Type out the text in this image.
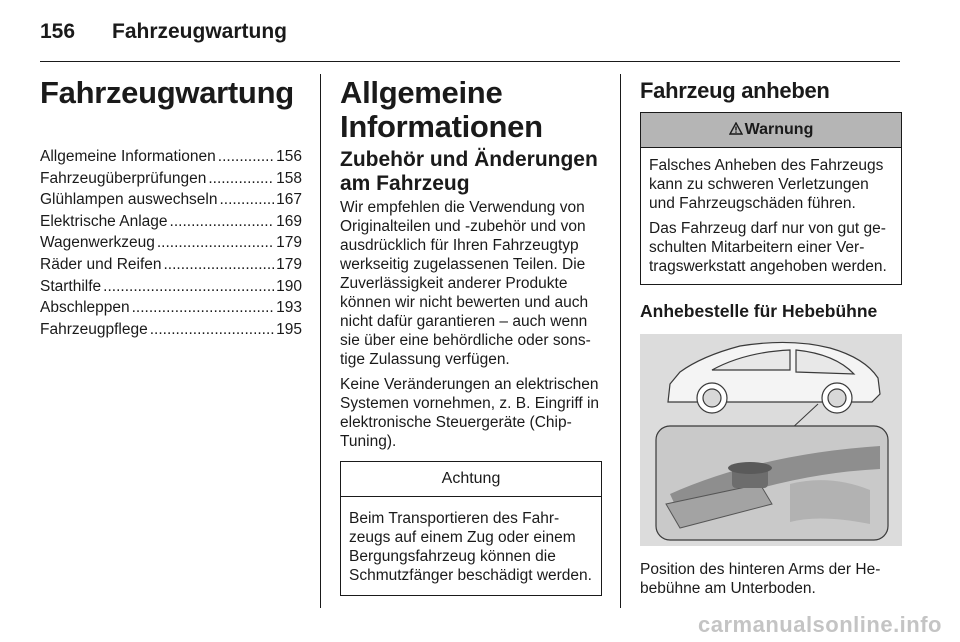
156 Fahrzeugwartung
Fahrzeugwartung
Allgemeine Informationen .....	156
Fahrzeugüberprüfungen .....	158
Glühlampen auswechseln .....	167
Elektrische Anlage .....	169
Wagenwerkzeug .....	179
Räder und Reifen .....	179
Starthilfe .....	190
Abschleppen .....	193
Fahrzeugpflege .....	195
Allgemeine
Informationen
Zubehör und Änderungen
am Fahrzeug

Wir empfehlen die Verwendung von Originalteilen und -zubehör und von ausdrücklich für Ihren Fahrzeugtyp werkseitig zugelassenen Teilen. Die Zuverlässigkeit anderer Produkte können wir nicht bewerten und auch nicht dafür garantieren – auch wenn sie über eine behördliche oder sonstige Zulassung verfügen.

Keine Veränderungen an elektrischen Systemen vornehmen, z. B. Eingriff in elektronische Steuergeräte (Chip-Tuning).

Achtung
Beim Transportieren des Fahrzeugs auf einem Zug oder einem Bergungsfahrzeug können die Schmutzfänger beschädigt werden.
Fahrzeug anheben
Warnung

Falsches Anheben des Fahrzeugs kann zu schweren Verletzungen und Fahrzeugschäden führen.

Das Fahrzeug darf nur von gut geschulten Mitarbeitern einer Vertragswerkstatt angehoben werden.

Anhebestelle für Hebebühne

Position des hinteren Arms der Hebebühne am Unterboden.

carmanualsonline.info
